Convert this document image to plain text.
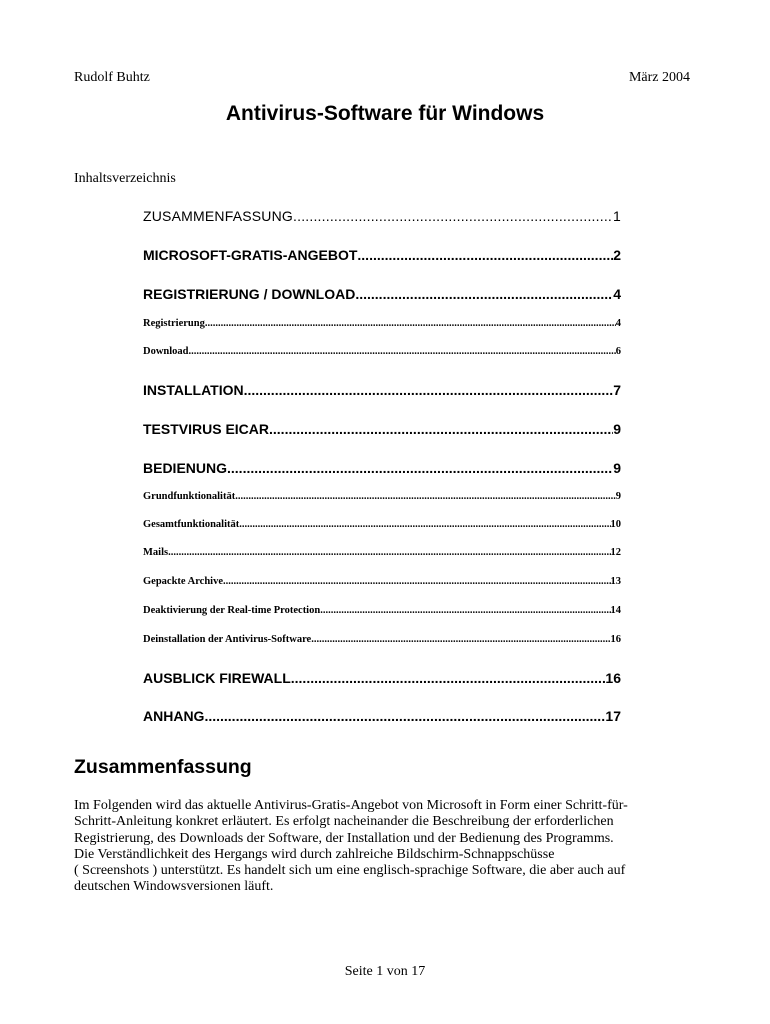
Rudolf Buhtz	März 2004
Antivirus-Software für Windows
Inhaltsverzeichnis
ZUSAMMENFASSUNG .....	1
MICROSOFT-GRATIS-ANGEBOT .....	2
REGISTRIERUNG / DOWNLOAD .....	4
Registrierung .....	4
Download .....	6
INSTALLATION .....	7
TESTVIRUS EICAR .....	9
BEDIENUNG .....	9
Grundfunktionalität .....	9
Gesamtfunktionalität .....	10
Mails .....	12
Gepackte Archive .....	13
Deaktivierung der Real-time Protection .....	14
Deinstallation der Antivirus-Software .....	16
AUSBLICK FIREWALL .....	16
ANHANG .....	17
Zusammenfassung
Im Folgenden wird das aktuelle Antivirus-Gratis-Angebot von Microsoft in Form einer Schritt-für-
Schritt-Anleitung konkret erläutert. Es erfolgt nacheinander die Beschreibung der erforderlichen
Registrierung, des Downloads der Software, der Installation und der Bedienung des Programms.
Die Verständlichkeit des Hergangs wird durch zahlreiche Bildschirm-Schnappschüsse
( Screenshots ) unterstützt. Es handelt sich um eine englisch-sprachige Software, die aber auch auf
deutschen Windowsversionen läuft.
Seite 1 von 17
